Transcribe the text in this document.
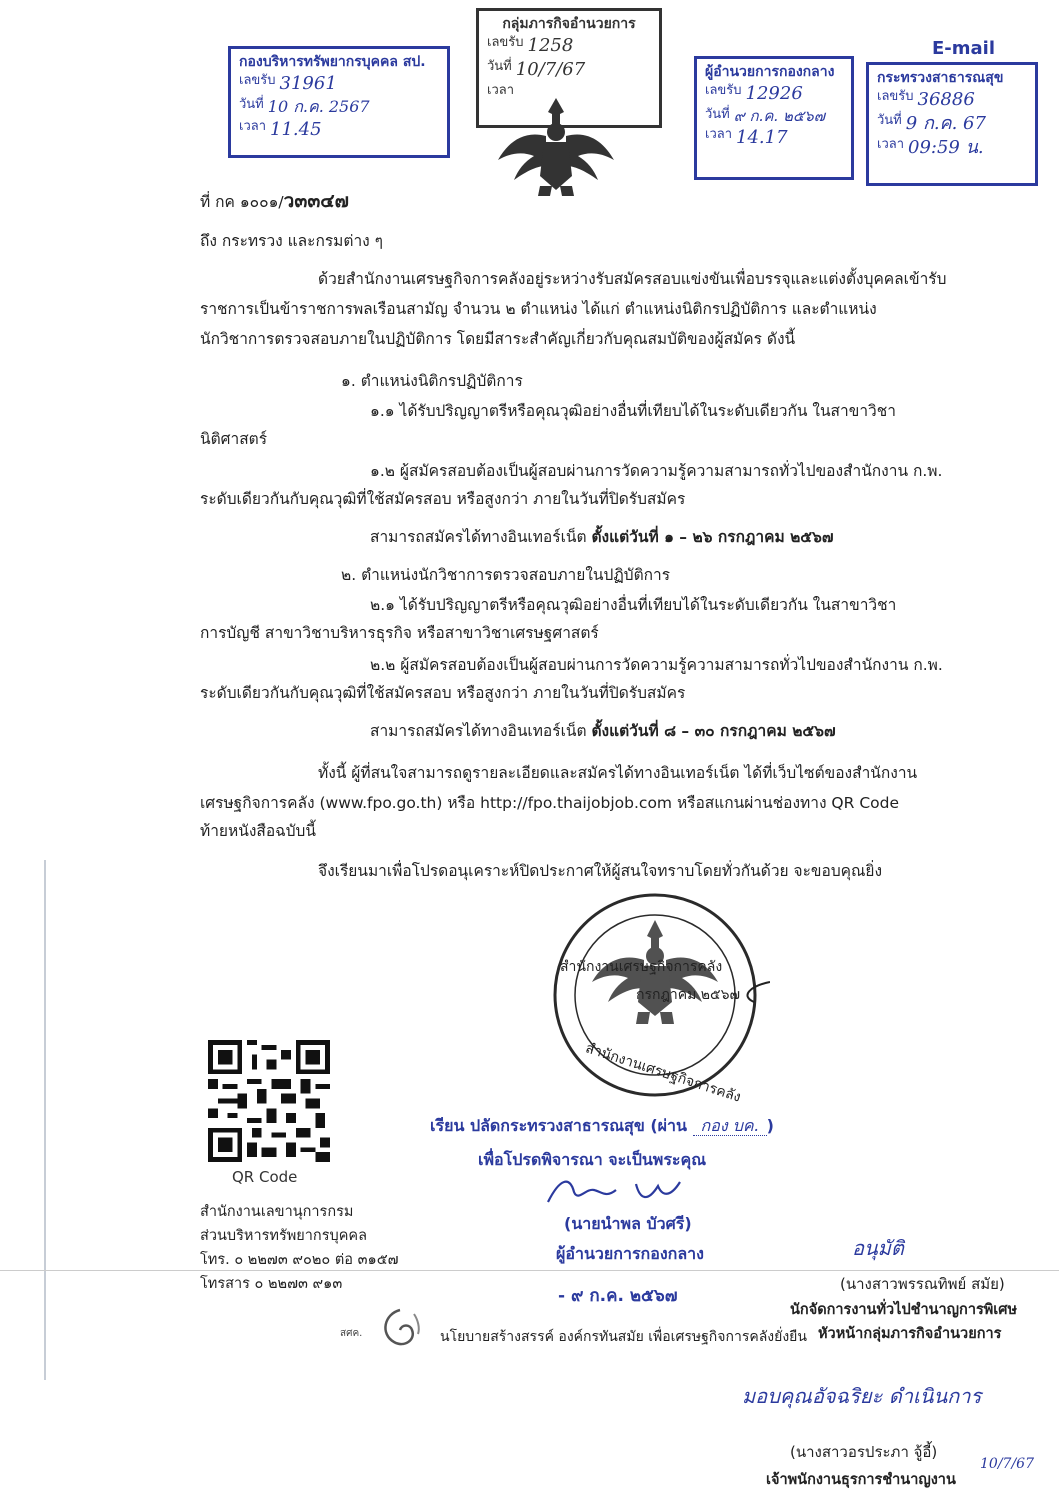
กองบริหารทรัพยากรบุคคล สป.
เลขรับ 31961
วันที่ 10 ก.ค. 2567
เวลา 11.45
กลุ่มภารกิจอำนวยการ
เลขรับ 1258
วันที่ 10/7/67
เวลา
ผู้อำนวยการกองกลาง
เลขรับ 12926
วันที่ ๙ ก.ค. ๒๕๖๗
เวลา 14.17
E-mail
กระทรวงสาธารณสุข
เลขรับ 36886
วันที่ 9 ก.ค. 67
เวลา 09:59 น.
ที่ กค ๑๐๐๑/ว๓๓๔๗
ถึง กระทรวง และกรมต่าง ๆ
ด้วยสำนักงานเศรษฐกิจการคลังอยู่ระหว่างรับสมัครสอบแข่งขันเพื่อบรรจุและแต่งตั้งบุคคลเข้ารับ
ราชการเป็นข้าราชการพลเรือนสามัญ จำนวน ๒ ตำแหน่ง ได้แก่ ตำแหน่งนิติกรปฏิบัติการ และตำแหน่ง
นักวิชาการตรวจสอบภายในปฏิบัติการ โดยมีสาระสำคัญเกี่ยวกับคุณสมบัติของผู้สมัคร ดังนี้
๑. ตำแหน่งนิติกรปฏิบัติการ
๑.๑ ได้รับปริญญาตรีหรือคุณวุฒิอย่างอื่นที่เทียบได้ในระดับเดียวกัน ในสาขาวิชา
นิติศาสตร์
๑.๒ ผู้สมัครสอบต้องเป็นผู้สอบผ่านการวัดความรู้ความสามารถทั่วไปของสำนักงาน ก.พ.
ระดับเดียวกันกับคุณวุฒิที่ใช้สมัครสอบ หรือสูงกว่า ภายในวันที่ปิดรับสมัคร
สามารถสมัครได้ทางอินเทอร์เน็ต ตั้งแต่วันที่ ๑ – ๒๖ กรกฎาคม ๒๕๖๗
๒. ตำแหน่งนักวิชาการตรวจสอบภายในปฏิบัติการ
๒.๑ ได้รับปริญญาตรีหรือคุณวุฒิอย่างอื่นที่เทียบได้ในระดับเดียวกัน ในสาขาวิชา
การบัญชี สาขาวิชาบริหารธุรกิจ หรือสาขาวิชาเศรษฐศาสตร์
๒.๒ ผู้สมัครสอบต้องเป็นผู้สอบผ่านการวัดความรู้ความสามารถทั่วไปของสำนักงาน ก.พ.
ระดับเดียวกันกับคุณวุฒิที่ใช้สมัครสอบ หรือสูงกว่า ภายในวันที่ปิดรับสมัคร
สามารถสมัครได้ทางอินเทอร์เน็ต ตั้งแต่วันที่ ๘ – ๓๐ กรกฎาคม ๒๕๖๗
ทั้งนี้ ผู้ที่สนใจสามารถดูรายละเอียดและสมัครได้ทางอินเทอร์เน็ต ได้ที่เว็บไซต์ของสำนักงาน
เศรษฐกิจการคลัง (www.fpo.go.th) หรือ http://fpo.thaijobjob.com หรือสแกนผ่านช่องทาง QR Code
ท้ายหนังสือฉบับนี้
จึงเรียนมาเพื่อโปรดอนุเคราะห์ปิดประกาศให้ผู้สนใจทราบโดยทั่วกันด้วย จะขอบคุณยิ่ง
สำนักงานเศรษฐกิจการคลัง
กรกฎาคม ๒๕๖๗
สำนักงานเศรษฐกิจการคลัง
QR Code
สำนักงานเลขานุการกรม
ส่วนบริหารทรัพยากรบุคคล
โทร. ๐ ๒๒๗๓ ๙๐๒๐ ต่อ ๓๑๕๗
โทรสาร ๐ ๒๒๗๓ ๙๑๓
เรียน ปลัดกระทรวงสาธารณสุข (ผ่าน กอง บค. )
เพื่อโปรดพิจารณา จะเป็นพระคุณ
(นายนำพล บัวศรี)
ผู้อำนวยการกองกลาง
- ๙ ก.ค. ๒๕๖๗
อนุมัติ
(นางสาวพรรณทิพย์ สมัย)
นักจัดการงานทั่วไปชำนาญการพิเศษ
หัวหน้ากลุ่มภารกิจอำนวยการ
มอบคุณอัจฉริยะ ดำเนินการ
(นางสาวอรประภา จู้อี้)
เจ้าพนักงานธุรการชำนาญงาน
10/7/67
สศค.	นโยบายสร้างสรรค์ องค์กรทันสมัย เพื่อเศรษฐกิจการคลังยั่งยืน
